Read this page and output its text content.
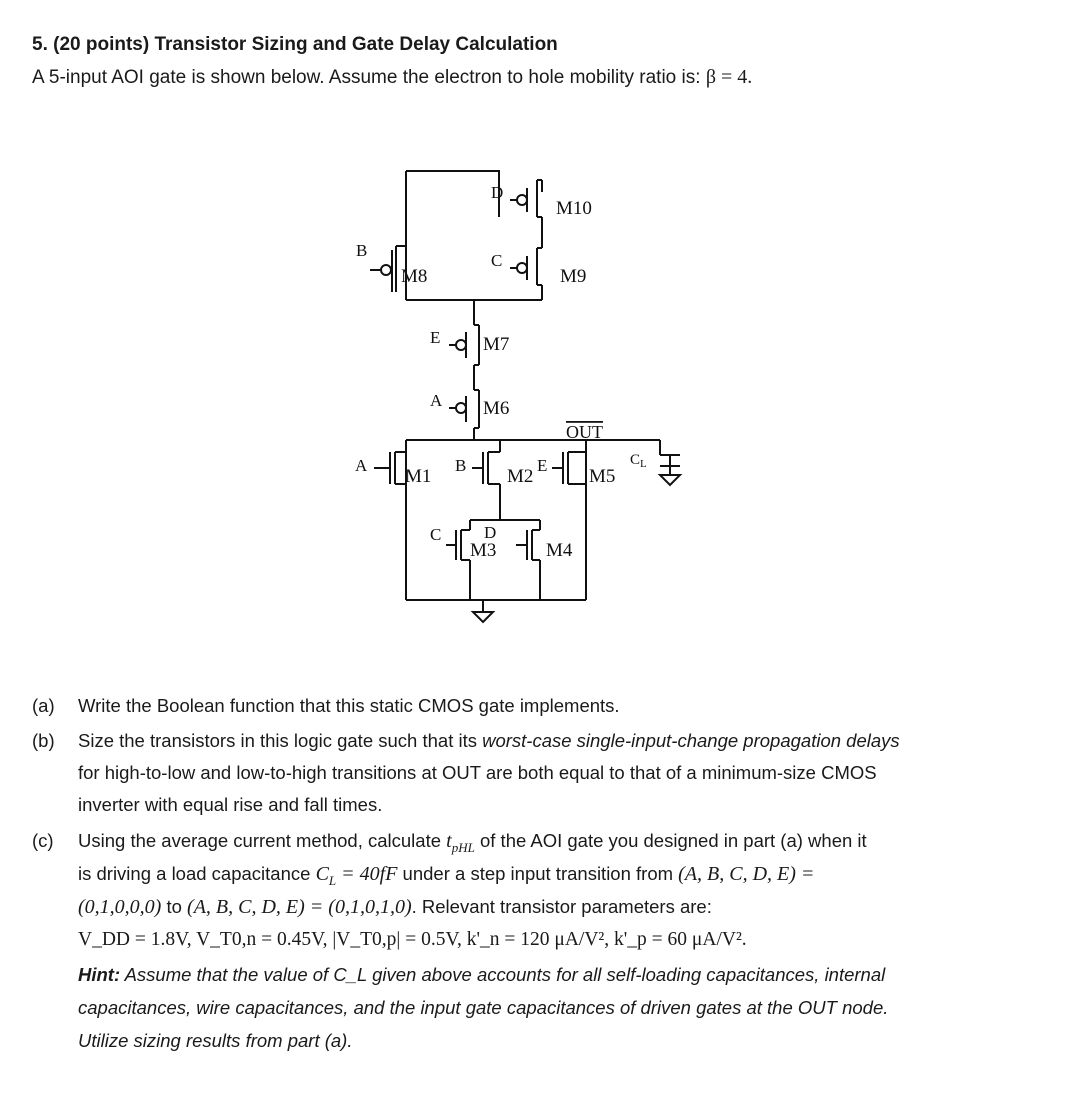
5. (20 points) Transistor Sizing and Gate Delay Calculation
A 5-input AOI gate is shown below. Assume the electron to hole mobility ratio is: β = 4.
M10
M9
M8
M7
M6
M1	M2	M5
M3	M4
D
C
B
E
A
A	B	E
C	D
OUT
$C_L$
(a) Write the Boolean function that this static CMOS gate implements.
(b) Size the transistors in this logic gate such that its worst-case single-input-change propagation delays
for high-to-low and low-to-high transitions at OUT are both equal to that of a minimum-size CMOS
inverter with equal rise and fall times.
(c) Using the average current method, calculate $t_{pHL}$ of the AOI gate you designed in part (a) when it
is driving a load capacitance $C_L = 40fF$ under a step input transition from (A, B, C, D, E) =
(0,1,0,0,0) to (A, B, C, D, E) = (0,1,0,1,0). Relevant transistor parameters are:
V_DD = 1.8V, V_T0,n = 0.45V, |V_T0,p| = 0.5V, k'_n = 120 μA/V², k'_p = 60 μA/V².
Hint: Assume that the value of C_L given above accounts for all self-loading capacitances, internal
capacitances, wire capacitances, and the input gate capacitances of driven gates at the OUT node.
Utilize sizing results from part (a).
